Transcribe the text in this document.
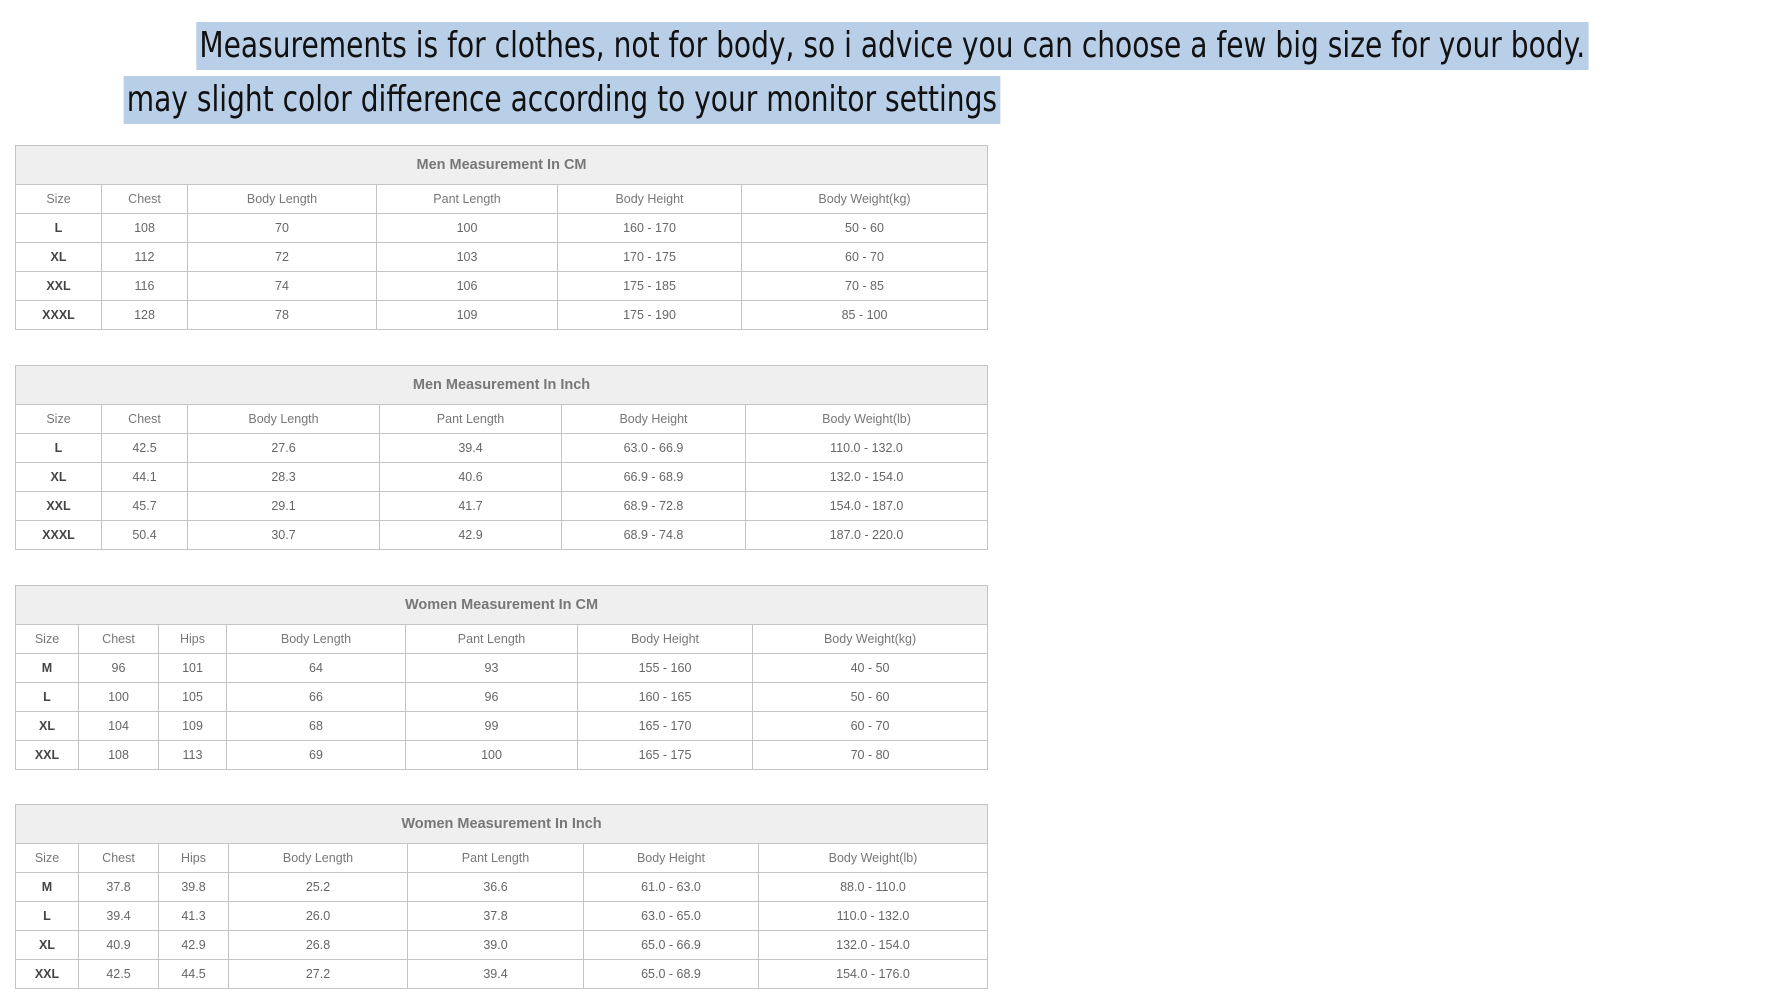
Measurements is for clothes, not for body, so i advice you can choose a few big size for your body.
may slight color difference according to your monitor settings
Men Measurement In CM					
Size	Chest	Body Length	Pant Length	Body Height	Body Weight(kg)
L	108	70	100	160 - 170	50 - 60
XL	112	72	103	170 - 175	60 - 70
XXL	116	74	106	175 - 185	70 - 85
XXXL	128	78	109	175 - 190	85 - 100
Men Measurement In Inch					
Size	Chest	Body Length	Pant Length	Body Height	Body Weight(lb)
L	42.5	27.6	39.4	63.0 - 66.9	110.0 - 132.0
XL	44.1	28.3	40.6	66.9 - 68.9	132.0 - 154.0
XXL	45.7	29.1	41.7	68.9 - 72.8	154.0 - 187.0
XXXL	50.4	30.7	42.9	68.9 - 74.8	187.0 - 220.0
Women Measurement In CM						
Size	Chest	Hips	Body Length	Pant Length	Body Height	Body Weight(kg)
M	96	101	64	93	155 - 160	40 - 50
L	100	105	66	96	160 - 165	50 - 60
XL	104	109	68	99	165 - 170	60 - 70
XXL	108	113	69	100	165 - 175	70 - 80
Women Measurement In Inch						
Size	Chest	Hips	Body Length	Pant Length	Body Height	Body Weight(lb)
M	37.8	39.8	25.2	36.6	61.0 - 63.0	88.0 - 110.0
L	39.4	41.3	26.0	37.8	63.0 - 65.0	110.0 - 132.0
XL	40.9	42.9	26.8	39.0	65.0 - 66.9	132.0 - 154.0
XXL	42.5	44.5	27.2	39.4	65.0 - 68.9	154.0 - 176.0
